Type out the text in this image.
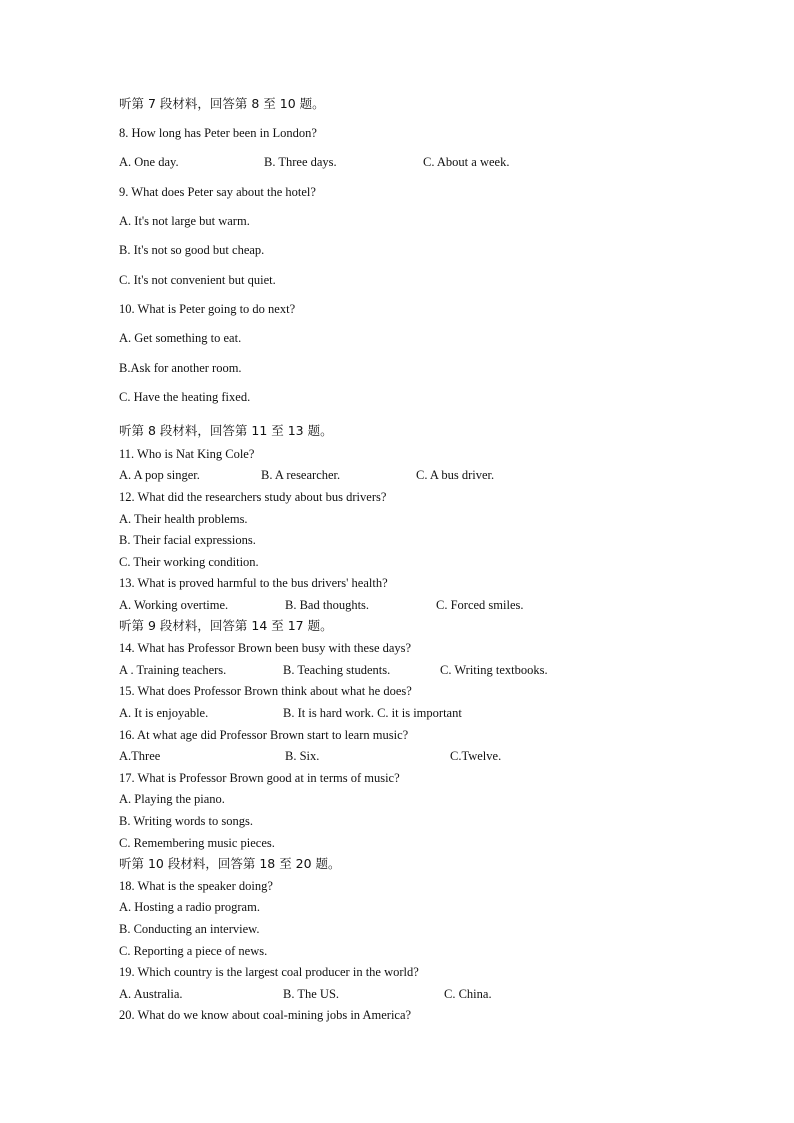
听第 7 段材料，回答第 8 至 10 题。
8. How long has Peter been in London?
A. One day.	B. Three days.	C. About a week.
9. What does Peter say about the hotel?
A. It's not large but warm.
B. It's not so good but cheap.
C. It's not convenient but quiet.
10. What is Peter going to do next?
A. Get something to eat.
B.Ask for another room.
C. Have the heating fixed.
听第 8 段材料，回答第 11 至 13 题。
11. Who is Nat King Cole?
A. A pop singer.	B. A researcher.	C. A bus driver.
12. What did the researchers study about bus drivers?
A. Their health problems.
B. Their facial expressions.
C. Their working condition.
13. What is proved harmful to the bus drivers' health?
A. Working overtime.	B. Bad thoughts.	C. Forced smiles.
听第 9 段材料，回答第 14 至 17 题。
14. What has Professor Brown been busy with these days?
A . Training teachers.	B. Teaching students.	C. Writing textbooks.
15. What does Professor Brown think about what he does?
A. It is enjoyable.	B. It is hard work. C. it is important
16. At what age did Professor Brown start to learn music?
A.Three	B. Six.	C.Twelve.
17. What is Professor Brown good at in terms of music?
A. Playing the piano.
B. Writing words to songs.
C. Remembering music pieces.
听第 10 段材料，回答第 18 至 20 题。
18. What is the speaker doing?
A. Hosting a radio program.
B. Conducting an interview.
C. Reporting a piece of news.
19. Which country is the largest coal producer in the world?
A. Australia.	B. The US.	C. China.
20. What do we know about coal-mining jobs in America?
